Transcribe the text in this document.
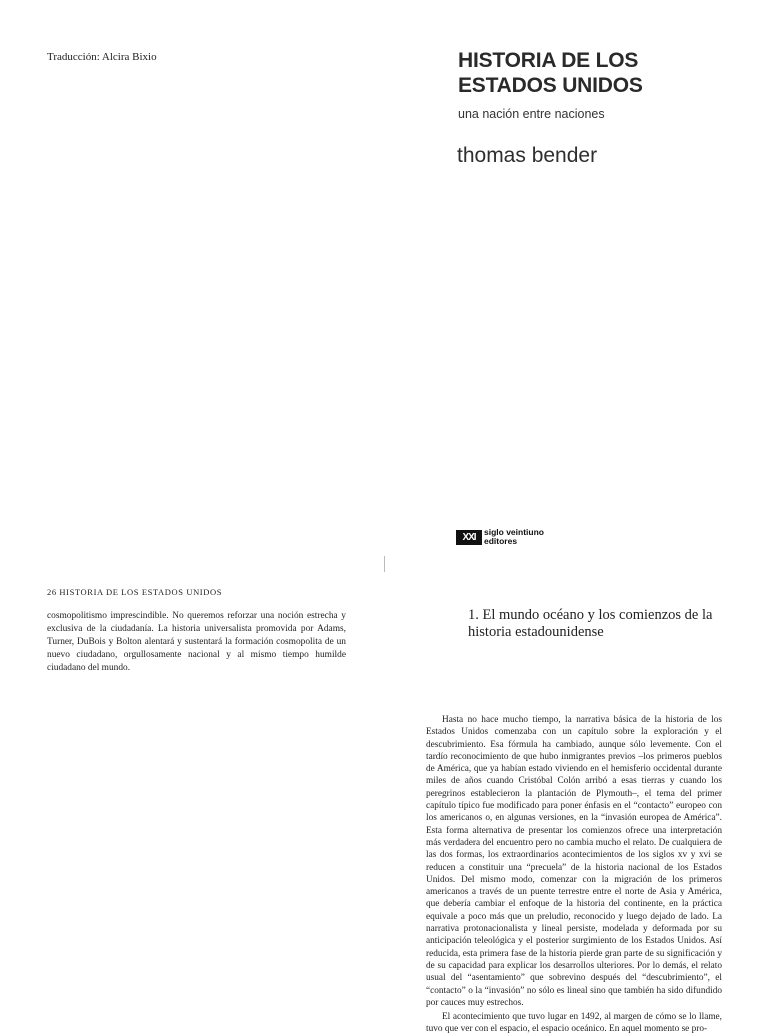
Traducción: Alcira Bixio	HISTORIA DE LOS ESTADOS UNIDOS
una nación entre naciones
thomas bender
XXI siglo veintiuno
editores
26 HISTORIA DE LOS ESTADOS UNIDOS
cosmopolitismo imprescindible. No queremos reforzar una noción estrecha y exclusiva de la ciudadanía. La historia universalista promovida por Adams, Turner, DuBois y Bolton alentará y sustentará la formación cosmopolita de un nuevo ciudadano, orgullosamente nacional y al mismo tiempo humilde ciudadano del mundo.
1. El mundo océano y los comienzos de la historia estadounidense

Hasta no hace mucho tiempo, la narrativa básica de la historia de los Estados Unidos comenzaba con un capítulo sobre la exploración y el descubrimiento. Esa fórmula ha cambiado, aunque sólo levemente. Con el tardío reconocimiento de que hubo inmigrantes previos –los primeros pueblos de América, que ya habían estado viviendo en el hemisferio occidental durante miles de años cuando Cristóbal Colón arribó a esas tierras y cuando los peregrinos establecieron la plantación de Plymouth–, el tema del primer capítulo típico fue modificado para poner énfasis en el “contacto” europeo con los americanos o, en algunas versiones, en la “invasión europea de América”. Esta forma alternativa de presentar los comienzos ofrece una interpretación más verdadera del encuentro pero no cambia mucho el relato. De cualquiera de las dos formas, los extraordinarios acontecimientos de los siglos xv y xvi se reducen a constituir una “precuela” de la historia nacional de los Estados Unidos. Del mismo modo, comenzar con la migración de los primeros americanos a través de un puente terrestre entre el norte de Asia y América, que debería cambiar el enfoque de la historia del continente, en la práctica equivale a poco más que un preludio, reconocido y luego dejado de lado. La narrativa protonacionalista y lineal persiste, modelada y deformada por su anticipación teleológica y el posterior surgimiento de los Estados Unidos. Así reducida, esta primera fase de la historia pierde gran parte de su significación y de su capacidad para explicar los desarrollos ulteriores. Por lo demás, el relato usual del “asentamiento” que sobrevino después del “descubrimiento”, el “contacto” o la “invasión” no sólo es lineal sino que también ha sido difundido por cauces muy estrechos.

El acontecimiento que tuvo lugar en 1492, al margen de cómo se lo llame, tuvo que ver con el espacio, el espacio oceánico. En aquel momento se pro-
